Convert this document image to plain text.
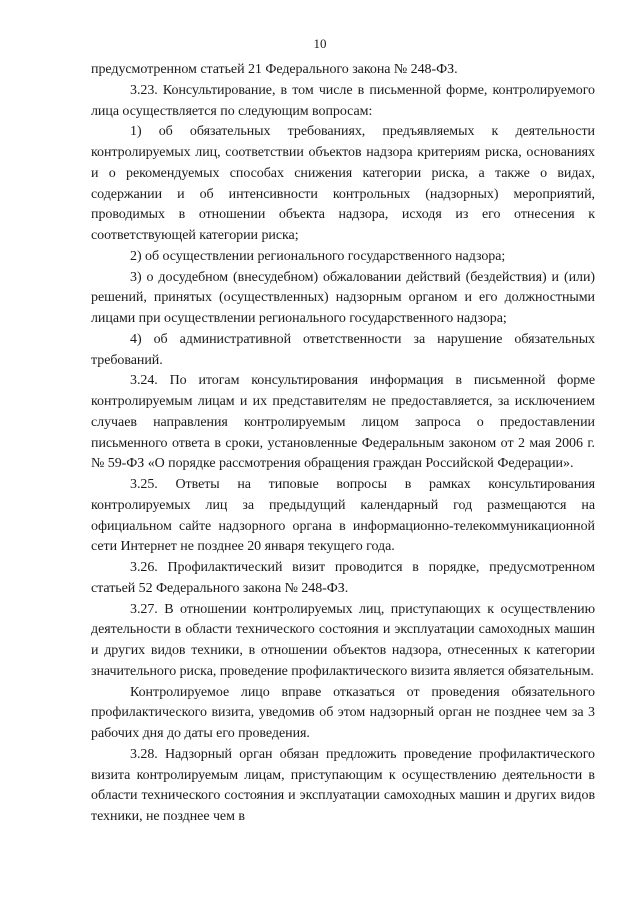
10

предусмотренном статьей 21 Федерального закона № 248-ФЗ.

3.23. Консультирование, в том числе в письменной форме, контролируемого лица осуществляется по следующим вопросам:

1) об обязательных требованиях, предъявляемых к деятельности контролируемых лиц, соответствии объектов надзора критериям риска, основаниях и о рекомендуемых способах снижения категории риска, а также о видах, содержании и об интенсивности контрольных (надзорных) мероприятий, проводимых в отношении объекта надзора, исходя из его отнесения к соответствующей категории риска;

2) об осуществлении регионального государственного надзора;

3) о досудебном (внесудебном) обжаловании действий (бездействия) и (или) решений, принятых (осуществленных) надзорным органом и его должностными лицами при осуществлении регионального государственного надзора;

4) об административной ответственности за нарушение обязательных требований.

3.24. По итогам консультирования информация в письменной форме контролируемым лицам и их представителям не предоставляется, за исключением случаев направления контролируемым лицом запроса о предоставлении письменного ответа в сроки, установленные Федеральным законом от 2 мая 2006 г. № 59-ФЗ «О порядке рассмотрения обращения граждан Российской Федерации».

3.25. Ответы на типовые вопросы в рамках консультирования контролируемых лиц за предыдущий календарный год размещаются на официальном сайте надзорного органа в информационно-телекоммуникационной сети Интернет не позднее 20 января текущего года.

3.26. Профилактический визит проводится в порядке, предусмотренном статьей 52 Федерального закона № 248-ФЗ.

3.27. В отношении контролируемых лиц, приступающих к осуществлению деятельности в области технического состояния и эксплуатации самоходных машин и других видов техники, в отношении объектов надзора, отнесенных к категории значительного риска, проведение профилактического визита является обязательным.

Контролируемое лицо вправе отказаться от проведения обязательного профилактического визита, уведомив об этом надзорный орган не позднее чем за 3 рабочих дня до даты его проведения.

3.28. Надзорный орган обязан предложить проведение профилактического визита контролируемым лицам, приступающим к осуществлению деятельности в области технического состояния и эксплуатации самоходных машин и других видов техники, не позднее чем в
